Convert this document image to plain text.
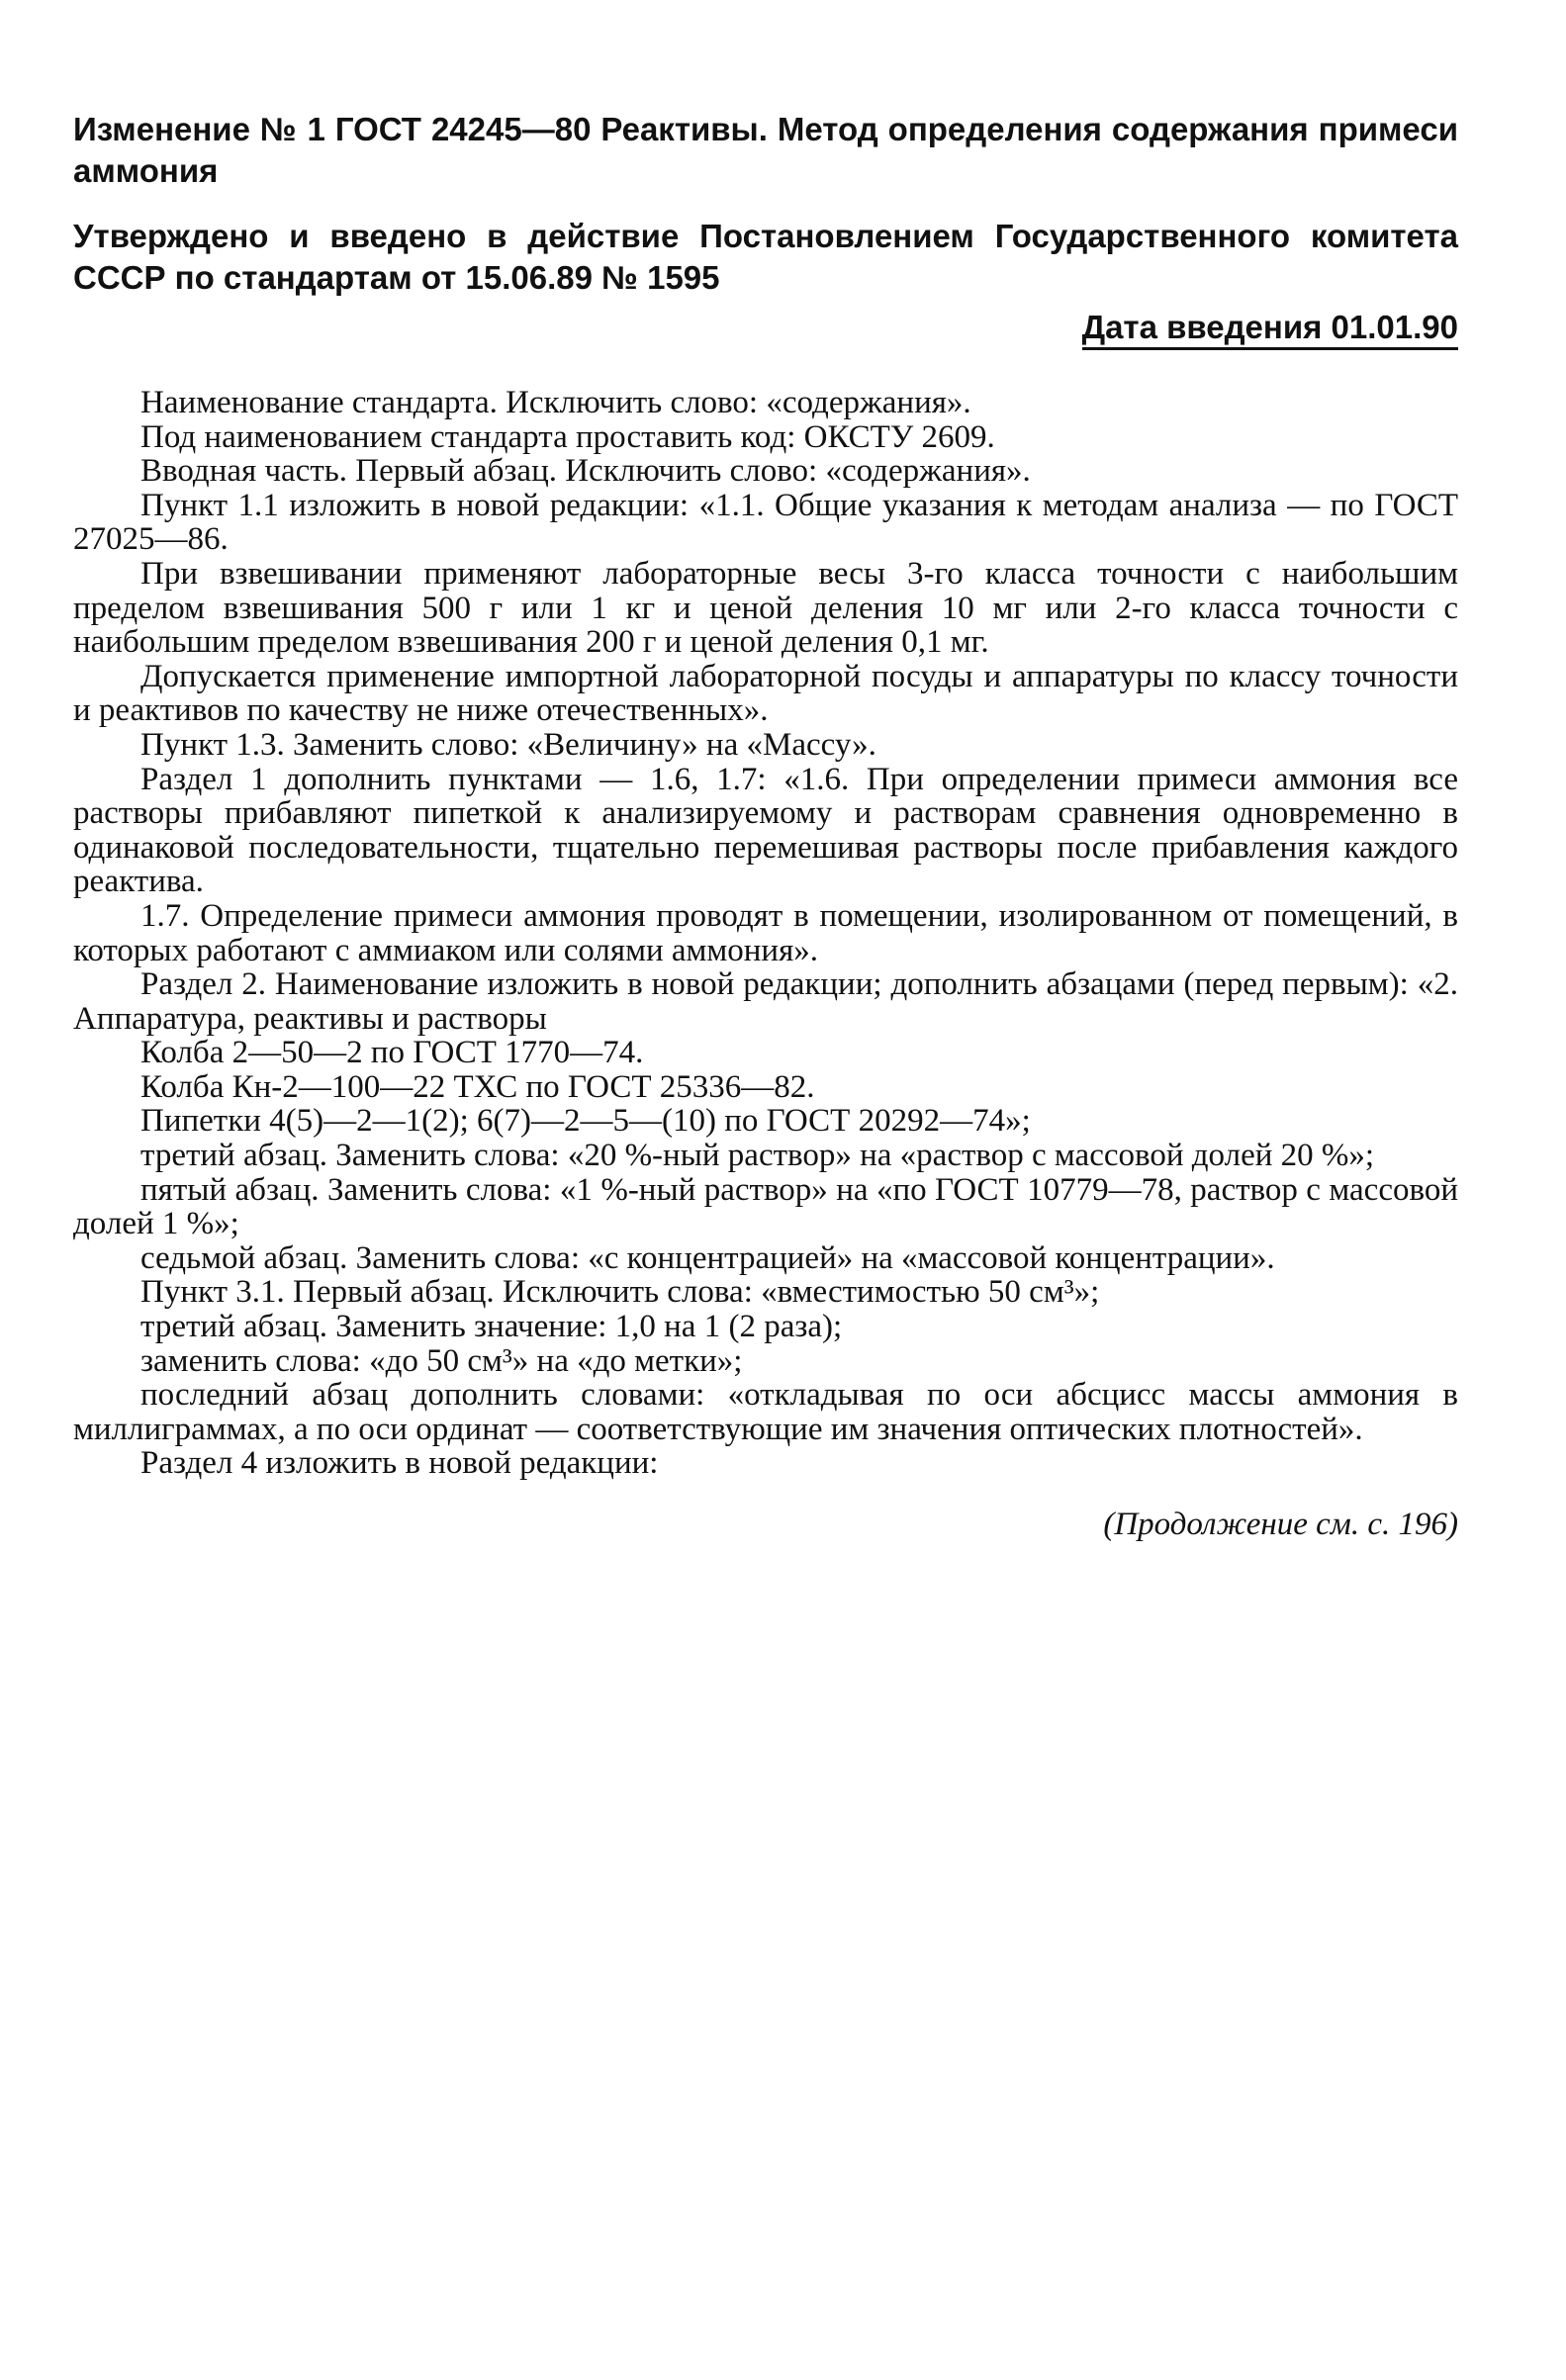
Изменение № 1 ГОСТ 24245—80 Реактивы. Метод определения содержания примеси аммония

Утверждено и введено в действие Постановлением Государственного комитета СССР по стандартам от 15.06.89 № 1595

Дата введения 01.01.90

Наименование стандарта. Исключить слово: «содержания».

Под наименованием стандарта проставить код: ОКСТУ 2609.

Вводная часть. Первый абзац. Исключить слово: «содержания».

Пункт 1.1 изложить в новой редакции: «1.1. Общие указания к методам анализа — по ГОСТ 27025—86.

При взвешивании применяют лабораторные весы 3-го класса точности с наибольшим пределом взвешивания 500 г или 1 кг и ценой деления 10 мг или 2-го класса точности с наибольшим пределом взвешивания 200 г и ценой деления 0,1 мг.

Допускается применение импортной лабораторной посуды и аппаратуры по классу точности и реактивов по качеству не ниже отечественных».

Пункт 1.3. Заменить слово: «Величину» на «Массу».

Раздел 1 дополнить пунктами — 1.6, 1.7: «1.6. При определении примеси аммония все растворы прибавляют пипеткой к анализируемому и растворам сравнения одновременно в одинаковой последовательности, тщательно перемешивая растворы после прибавления каждого реактива.

1.7. Определение примеси аммония проводят в помещении, изолированном от помещений, в которых работают с аммиаком или солями аммония».

Раздел 2. Наименование изложить в новой редакции; дополнить абзацами (перед первым): «2. Аппаратура, реактивы и растворы

Колба 2—50—2 по ГОСТ 1770—74.

Колба Кн-2—100—22 ТХС по ГОСТ 25336—82.

Пипетки 4(5)—2—1(2); 6(7)—2—5—(10) по ГОСТ 20292—74»;

третий абзац. Заменить слова: «20 %-ный раствор» на «раствор с массовой долей 20 %»;

пятый абзац. Заменить слова: «1 %-ный раствор» на «по ГОСТ 10779—78, раствор с массовой долей 1 %»;

седьмой абзац. Заменить слова: «с концентрацией» на «массовой концентрации».

Пункт 3.1. Первый абзац. Исключить слова: «вместимостью 50 см³»;

третий абзац. Заменить значение: 1,0 на 1 (2 раза);

заменить слова: «до 50 см³» на «до метки»;

последний абзац дополнить словами: «откладывая по оси абсцисс массы аммония в миллиграммах, а по оси ординат — соответствующие им значения оптических плотностей».

Раздел 4 изложить в новой редакции:

(Продолжение см. с. 196)
